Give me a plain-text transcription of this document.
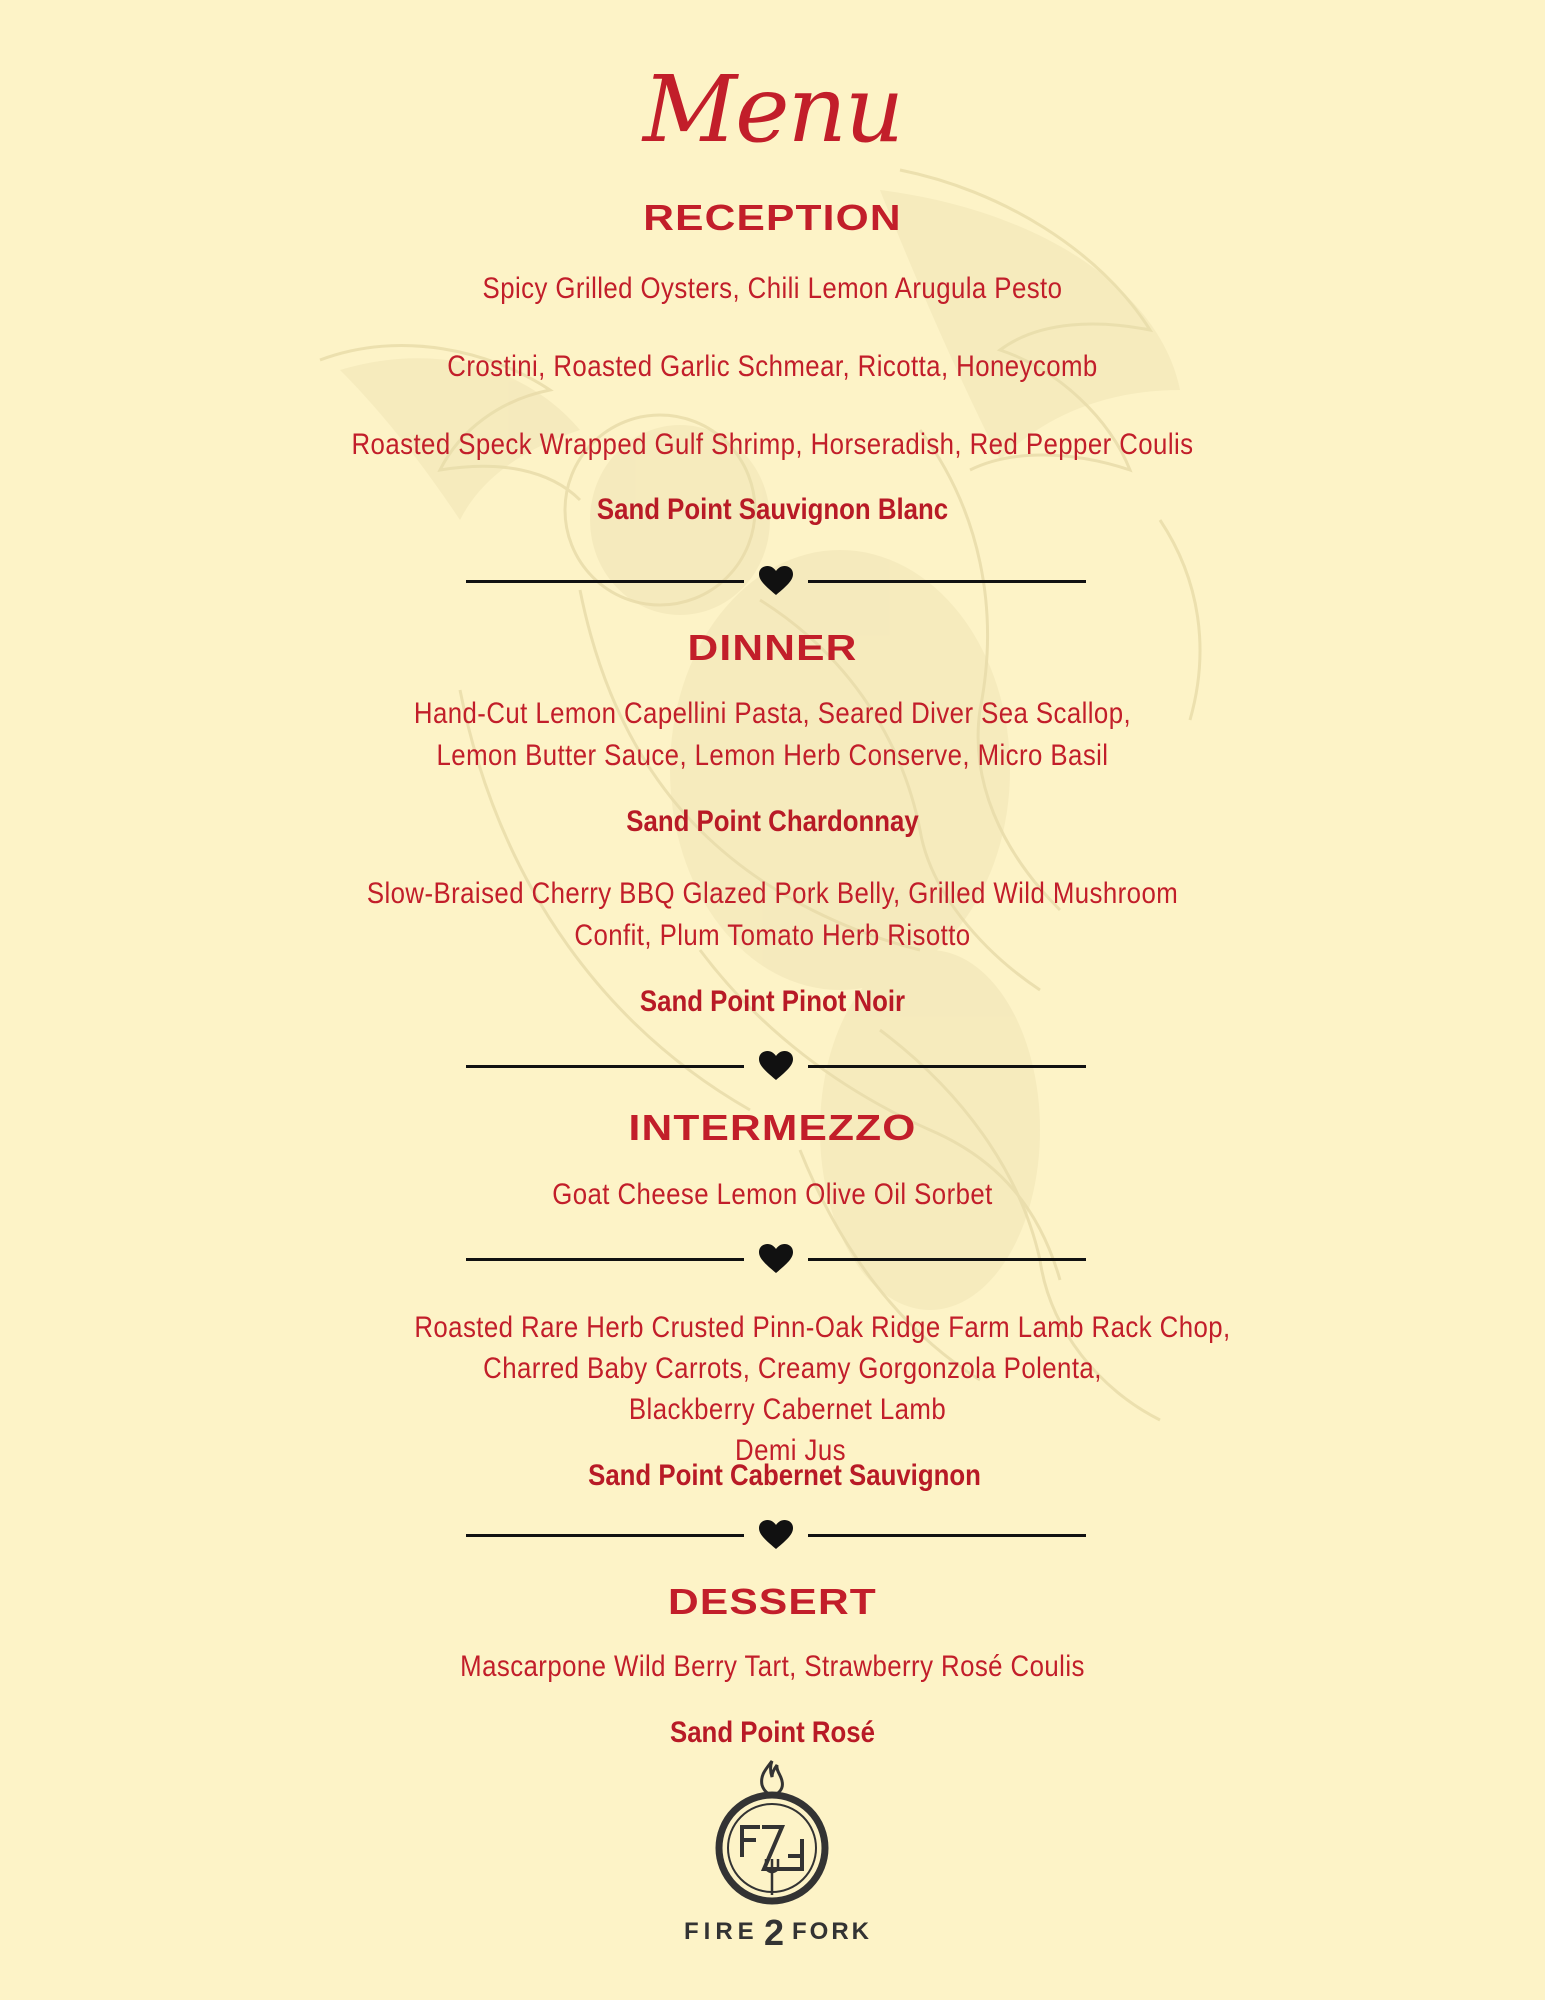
Menu
RECEPTION
Spicy Grilled Oysters, Chili Lemon Arugula Pesto
Crostini, Roasted Garlic Schmear, Ricotta, Honeycomb
Roasted Speck Wrapped Gulf Shrimp, Horseradish, Red Pepper Coulis
Sand Point Sauvignon Blanc
DINNER
Hand-Cut Lemon Capellini Pasta, Seared Diver Sea Scallop,
Lemon Butter Sauce, Lemon Herb Conserve, Micro Basil
Sand Point Chardonnay
Slow-Braised Cherry BBQ Glazed Pork Belly, Grilled Wild Mushroom
Confit, Plum Tomato Herb Risotto
Sand Point Pinot Noir
INTERMEZZO
Goat Cheese Lemon Olive Oil Sorbet
Roasted Rare Herb Crusted Pinn-Oak Ridge Farm Lamb Rack Chop,
Charred Baby Carrots, Creamy Gorgonzola Polenta,
Blackberry Cabernet Lamb
Demi Jus
Sand Point Cabernet Sauvignon
DESSERT
Mascarpone Wild Berry Tart, Strawberry Rosé Coulis
Sand Point Rosé
FIRE 2 FORK
